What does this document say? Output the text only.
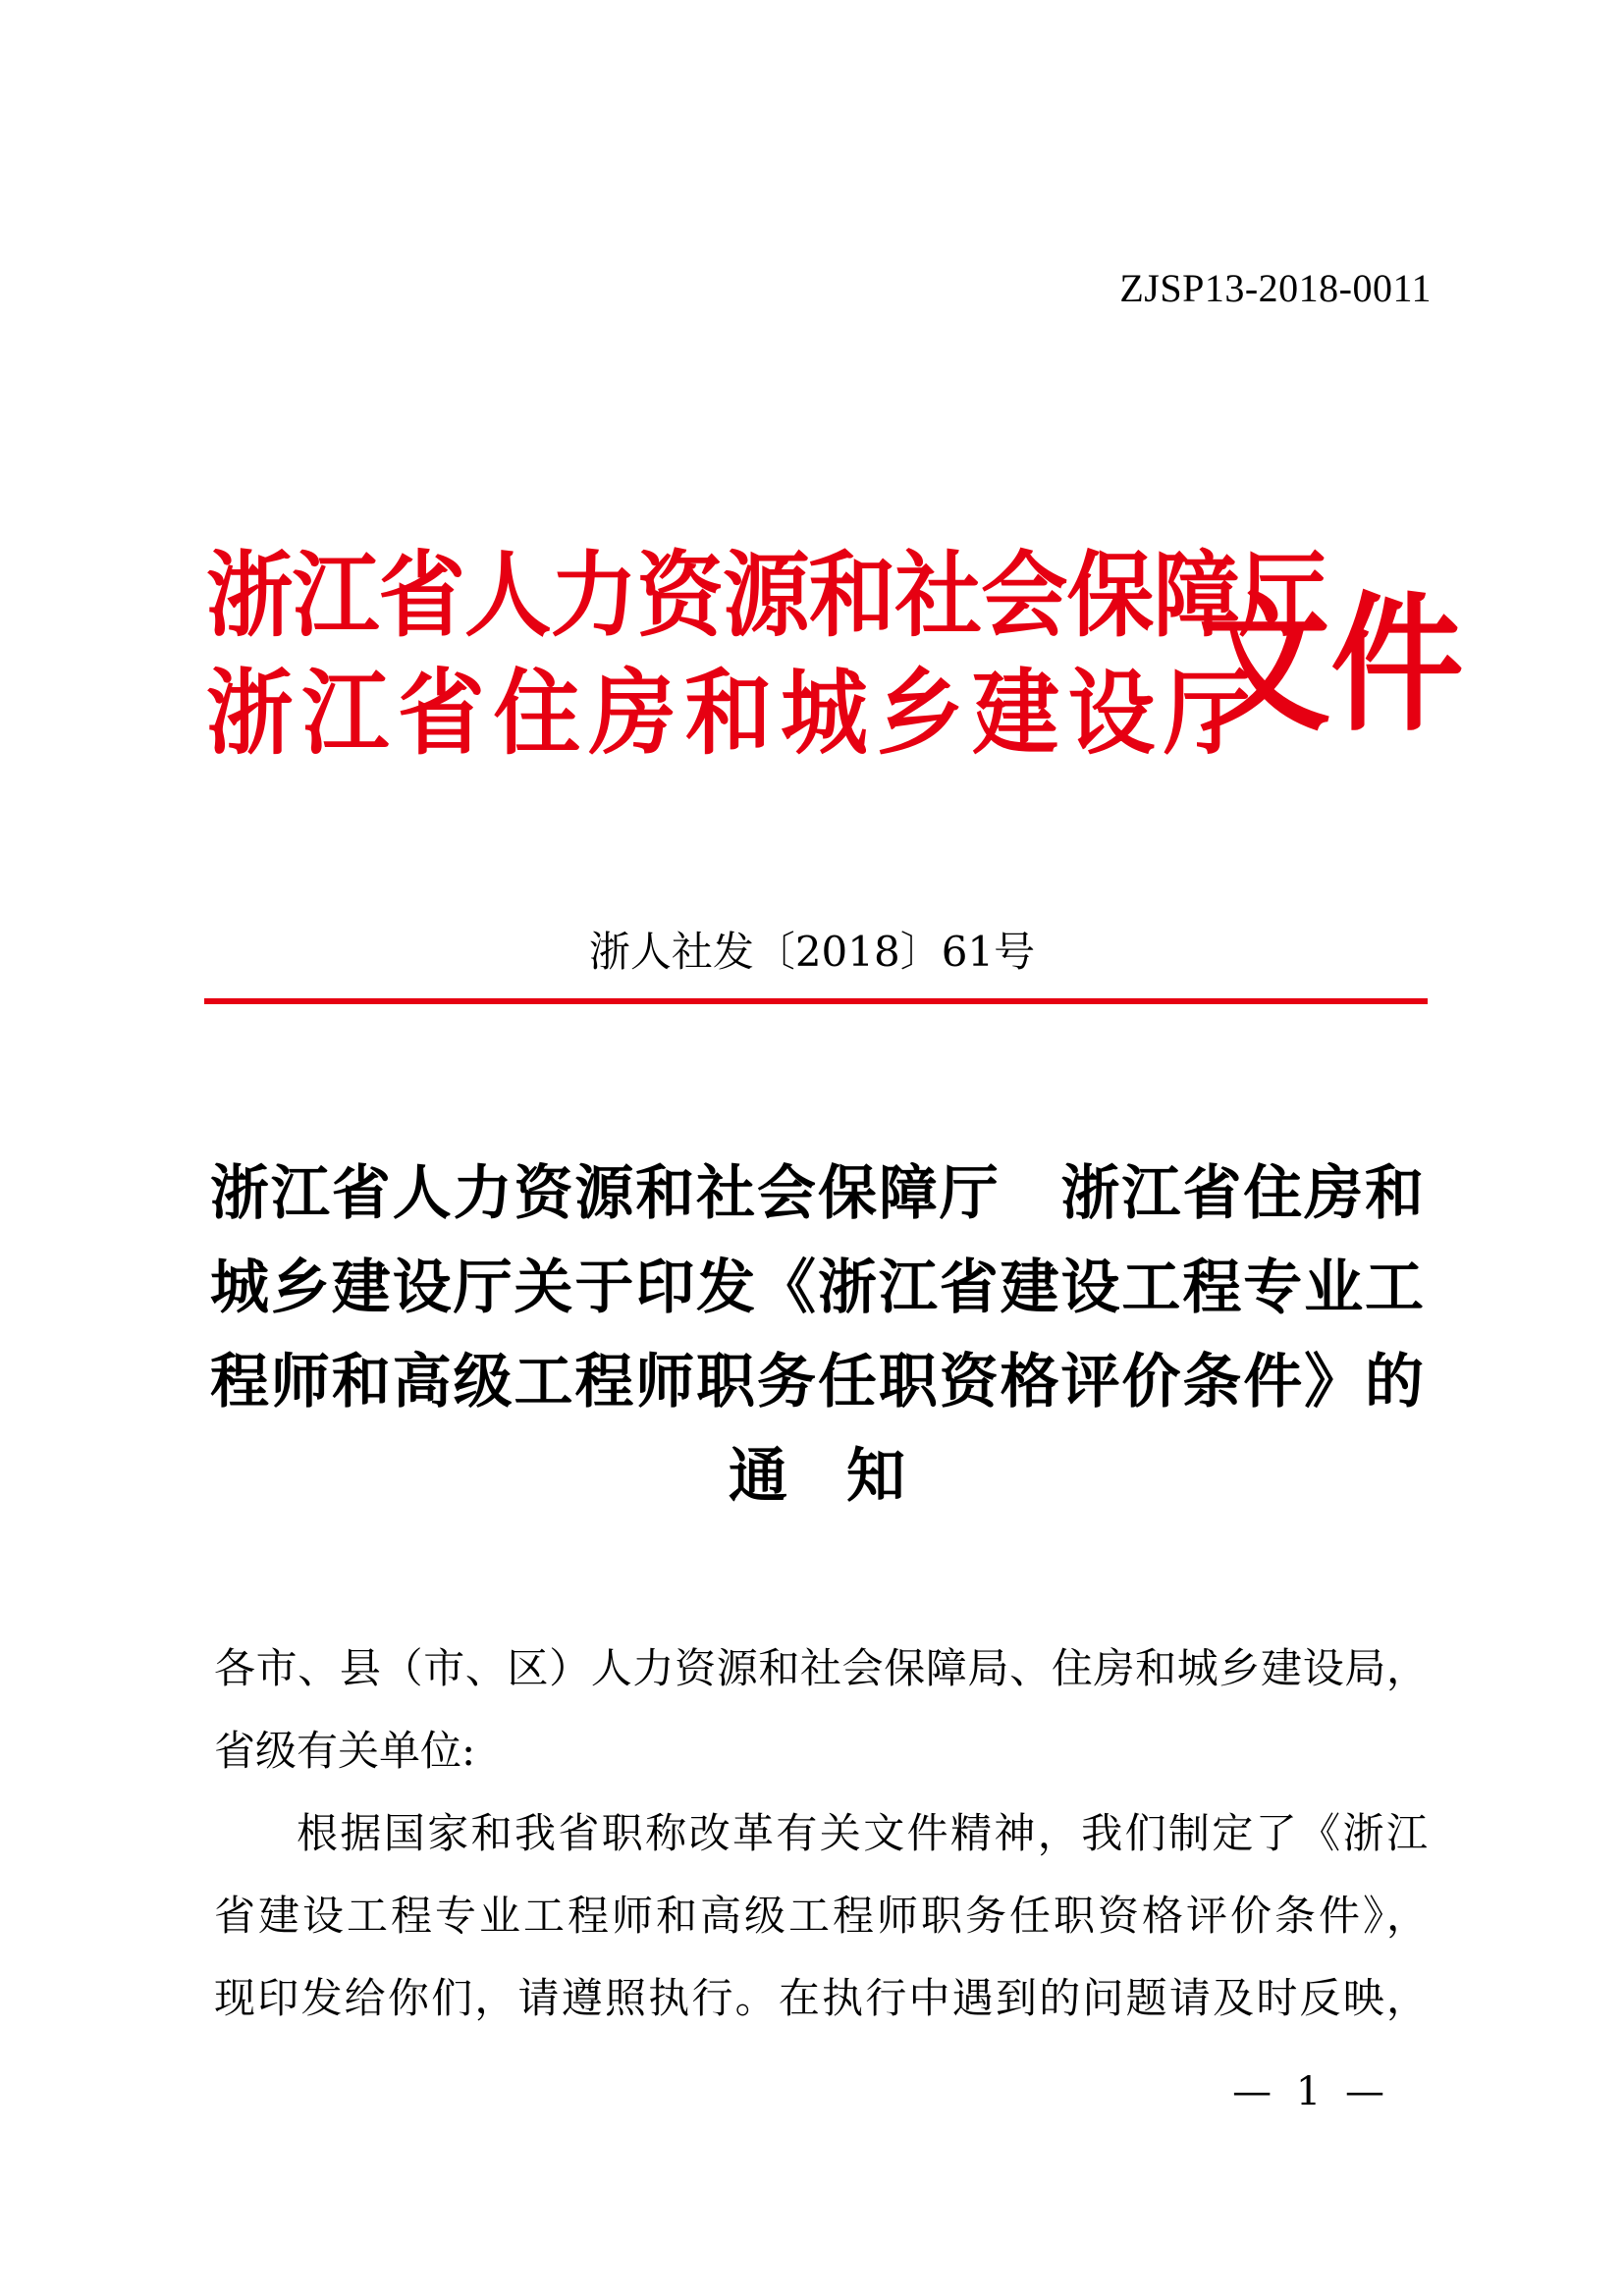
ZJSP13-2018-0011
浙江省人力资源和社会保障厅
浙江省住房和城乡建设厅
文件
浙人社发〔2018〕61号
浙江省人力资源和社会保障厅　浙江省住房和
城乡建设厅关于印发《浙江省建设工程专业工
程师和高级工程师职务任职资格评价条件》的
通知
各市、县（市、区）人力资源和社会保障局、住房和城乡建设局，
省级有关单位:
根据国家和我省职称改革有关文件精神，我们制定了《浙江
省建设工程专业工程师和高级工程师职务任职资格评价条件》，
现印发给你们，请遵照执行。在执行中遇到的问题请及时反映，
— 1 —
